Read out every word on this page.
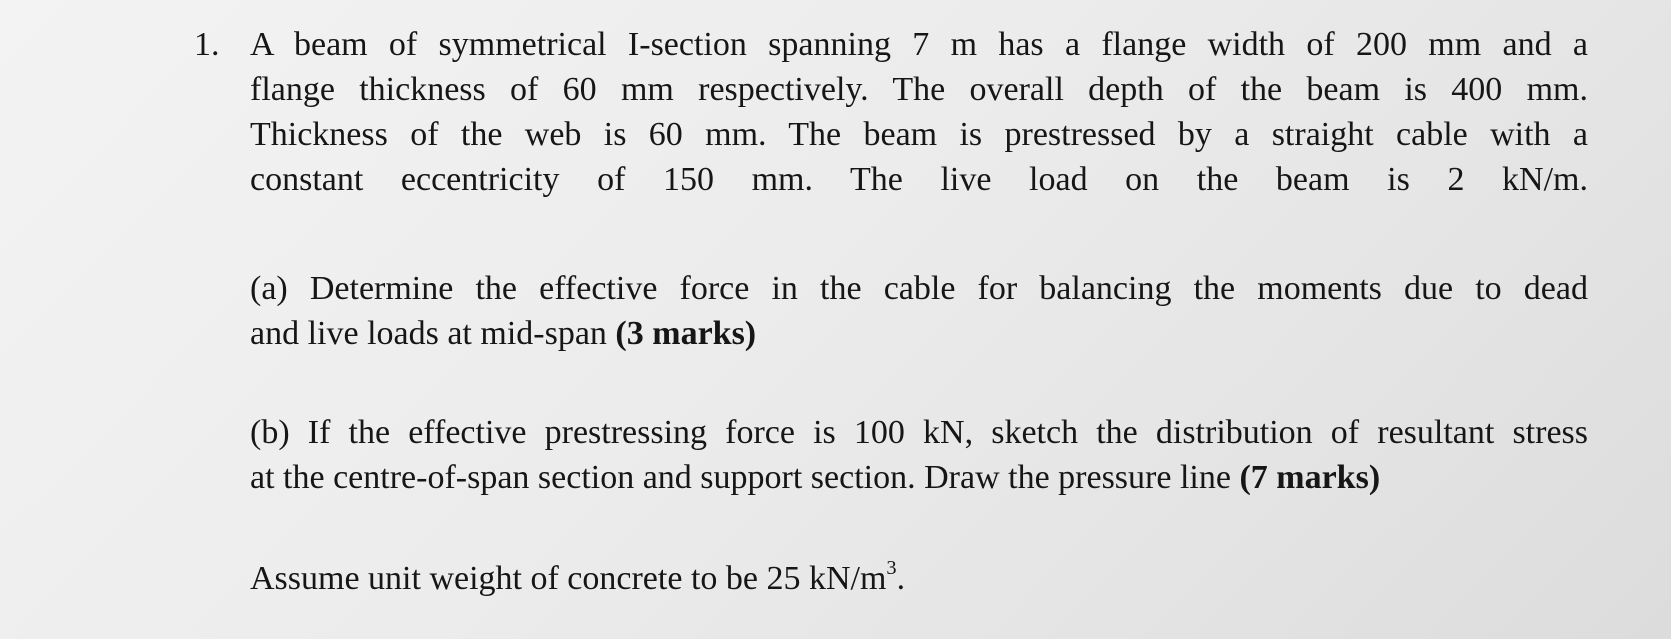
1. A beam of symmetrical I-section spanning 7 m has a flange width of 200 mm and a
flange thickness of 60 mm respectively. The overall depth of the beam is 400 mm.
Thickness of the web is 60 mm. The beam is prestressed by a straight cable with a
constant eccentricity of 150 mm. The live load on the beam is 2 kN/m.
(a) Determine the effective force in the cable for balancing the moments due to dead
and live loads at mid-span (3 marks)
(b) If the effective prestressing force is 100 kN, sketch the distribution of resultant stress
at the centre-of-span section and support section. Draw the pressure line (7 marks)
Assume unit weight of concrete to be 25 $kN/m^3$.
